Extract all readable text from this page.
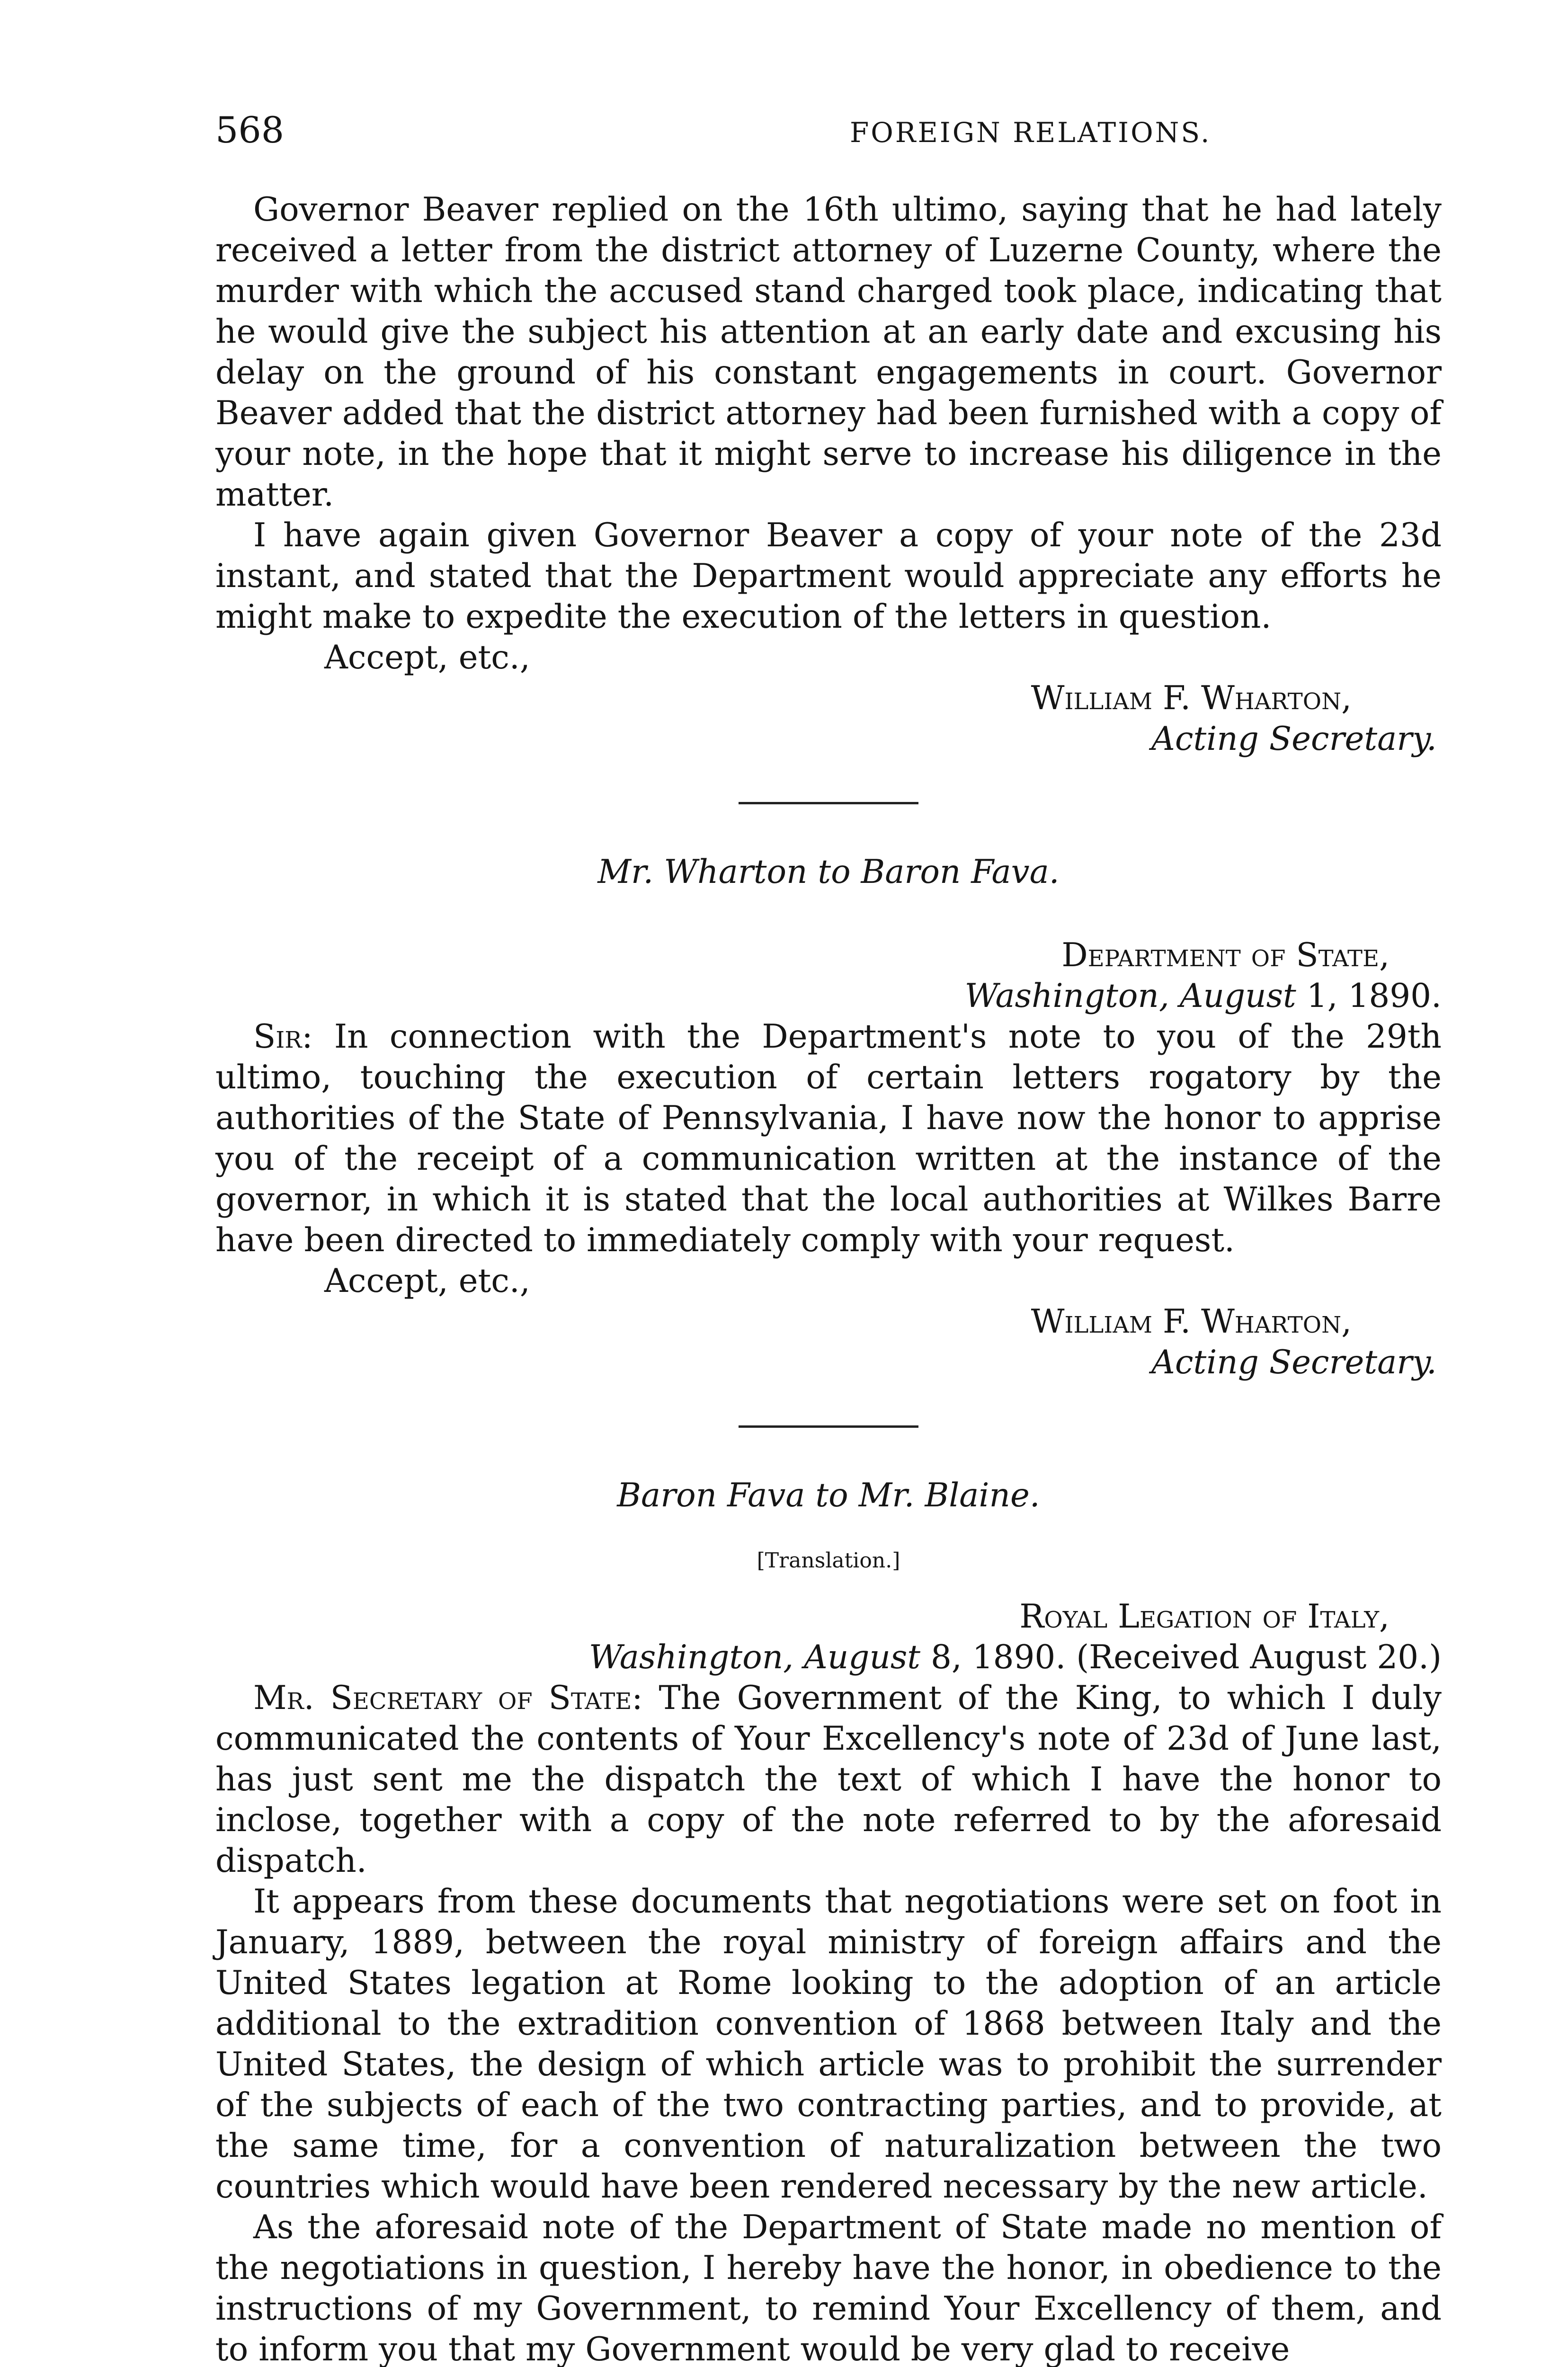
568	FOREIGN RELATIONS.

Governor Beaver replied on the 16th ultimo, saying that he had lately received a letter from the district attorney of Luzerne County, where the murder with which the accused stand charged took place, indicating that he would give the subject his attention at an early date and excusing his delay on the ground of his constant engagements in court. Governor Beaver added that the district attorney had been furnished with a copy of your note, in the hope that it might serve to increase his diligence in the matter.

I have again given Governor Beaver a copy of your note of the 23d instant, and stated that the Department would appreciate any efforts he might make to expedite the execution of the letters in question.

Accept, etc.,

William F. Wharton,
Acting Secretary.
Mr. Wharton to Baron Fava.
Department of State,
Washington, August 1, 1890.

Sir: In connection with the Department's note to you of the 29th ultimo, touching the execution of certain letters rogatory by the authorities of the State of Pennsylvania, I have now the honor to apprise you of the receipt of a communication written at the instance of the governor, in which it is stated that the local authorities at Wilkes Barre have been directed to immediately comply with your request.

Accept, etc.,

William F. Wharton,
Acting Secretary.
Baron Fava to Mr. Blaine.
[Translation.]
Royal Legation of Italy,
Washington, August 8, 1890. (Received August 20.)

Mr. Secretary of State: The Government of the King, to which I duly communicated the contents of Your Excellency's note of 23d of June last, has just sent me the dispatch the text of which I have the honor to inclose, together with a copy of the note referred to by the aforesaid dispatch.

It appears from these documents that negotiations were set on foot in January, 1889, between the royal ministry of foreign affairs and the United States legation at Rome looking to the adoption of an article additional to the extradition convention of 1868 between Italy and the United States, the design of which article was to prohibit the surrender of the subjects of each of the two contracting parties, and to provide, at the same time, for a convention of naturalization between the two countries which would have been rendered necessary by the new article.

As the aforesaid note of the Department of State made no mention of the negotiations in question, I hereby have the honor, in obedience to the instructions of my Government, to remind Your Excellency of them, and to inform you that my Government would be very glad to receive
